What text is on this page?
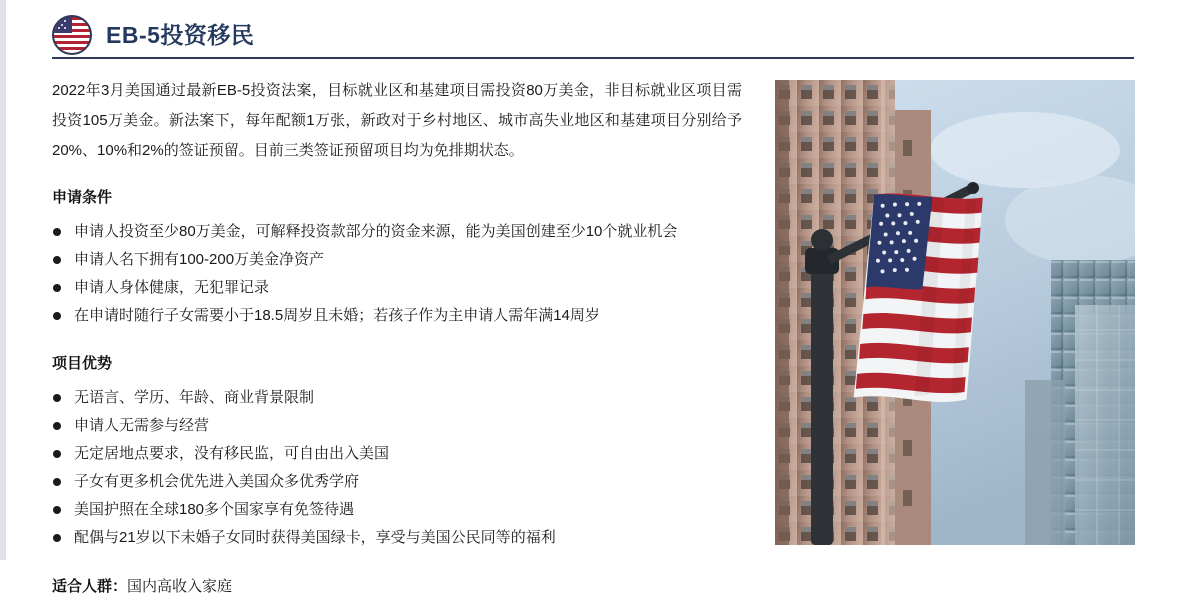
EB-5投资移民

2022年3月美国通过最新EB-5投资法案，目标就业区和基建项目需投资80万美金，非目标就业区项目需投资105万美金。新法案下，每年配额1万张，新政对于乡村地区、城市高失业地区和基建项目分别给予20%、10%和2%的签证预留。目前三类签证预留项目均为免排期状态。

申请条件
申请人投资至少80万美金，可解释投资款部分的资金来源，能为美国创建至少10个就业机会
申请人名下拥有100-200万美金净资产
申请人身体健康，无犯罪记录
在申请时随行子女需要小于18.5周岁且未婚；若孩子作为主申请人需年满14周岁
项目优势
无语言、学历、年龄、商业背景限制
申请人无需参与经营
无定居地点要求，没有移民监，可自由出入美国
子女有更多机会优先进入美国众多优秀学府
美国护照在全球180多个国家享有免签待遇
配偶与21岁以下未婚子女同时获得美国绿卡，享受与美国公民同等的福利
适合人群：国内高收入家庭
